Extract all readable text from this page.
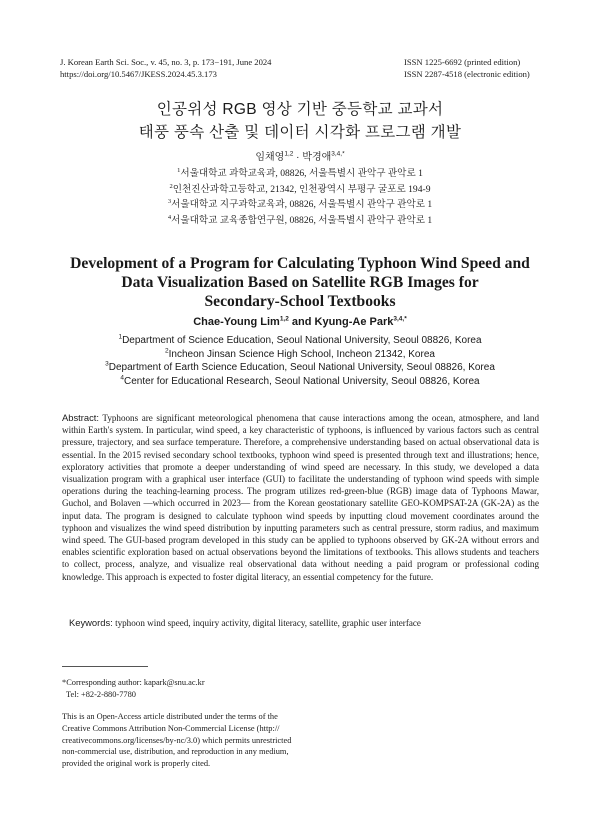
J. Korean Earth Sci. Soc., v. 45, no. 3, p. 173−191, June 2024
https://doi.org/10.5467/JKESS.2024.45.3.173
ISSN 1225-6692 (printed edition)
ISSN 2287-4518 (electronic edition)
인공위성 RGB 영상 기반 중등학교 교과서
태풍 풍속 산출 및 데이터 시각화 프로그램 개발
임채영$^{1,2}$ · 박경애$^{3,4,*}$
$^1$서울대학교 과학교육과, 08826, 서울특별시 관악구 관악로 1
$^2$인천진산과학고등학교, 21342, 인천광역시 부평구 굴포로 194-9
$^3$서울대학교 지구과학교육과, 08826, 서울특별시 관악구 관악로 1
$^4$서울대학교 교육종합연구원, 08826, 서울특별시 관악구 관악로 1
Development of a Program for Calculating Typhoon Wind Speed and
Data Visualization Based on Satellite RGB Images for
Secondary-School Textbooks
Chae-Young Lim$^{1,2}$ and Kyung-Ae Park$^{3,4,*}$
$^1$Department of Science Education, Seoul National University, Seoul 08826, Korea
$^2$Incheon Jinsan Science High School, Incheon 21342, Korea
$^3$Department of Earth Science Education, Seoul National University, Seoul 08826, Korea
$^4$Center for Educational Research, Seoul National University, Seoul 08826, Korea
Abstract: Typhoons are significant meteorological phenomena that cause interactions among the ocean, atmosphere, and land within Earth's system. In particular, wind speed, a key characteristic of typhoons, is influenced by various factors such as central pressure, trajectory, and sea surface temperature. Therefore, a comprehensive understanding based on actual observational data is essential. In the 2015 revised secondary school textbooks, typhoon wind speed is presented through text and illustrations; hence, exploratory activities that promote a deeper understanding of wind speed are necessary. In this study, we developed a data visualization program with a graphical user interface (GUI) to facilitate the understanding of typhoon wind speeds with simple operations during the teaching-learning process. The program utilizes red-green-blue (RGB) image data of Typhoons Mawar, Guchol, and Bolaven —which occurred in 2023— from the Korean geostationary satellite GEO-KOMPSAT-2A (GK-2A) as the input data. The program is designed to calculate typhoon wind speeds by inputting cloud movement coordinates around the typhoon and visualizes the wind speed distribution by inputting parameters such as central pressure, storm radius, and maximum wind speed. The GUI-based program developed in this study can be applied to typhoons observed by GK-2A without errors and enables scientific exploration based on actual observations beyond the limitations of textbooks. This allows students and teachers to collect, process, analyze, and visualize real observational data without needing a paid program or professional coding knowledge. This approach is expected to foster digital literacy, an essential competency for the future.
Keywords: typhoon wind speed, inquiry activity, digital literacy, satellite, graphic user interface
*Corresponding author: kapark@snu.ac.kr
Tel: +82-2-880-7780
This is an Open-Access article distributed under the terms of the
Creative Commons Attribution Non-Commercial License (http://
creativecommons.org/licenses/by-nc/3.0) which permits unrestricted
non-commercial use, distribution, and reproduction in any medium,
provided the original work is properly cited.
